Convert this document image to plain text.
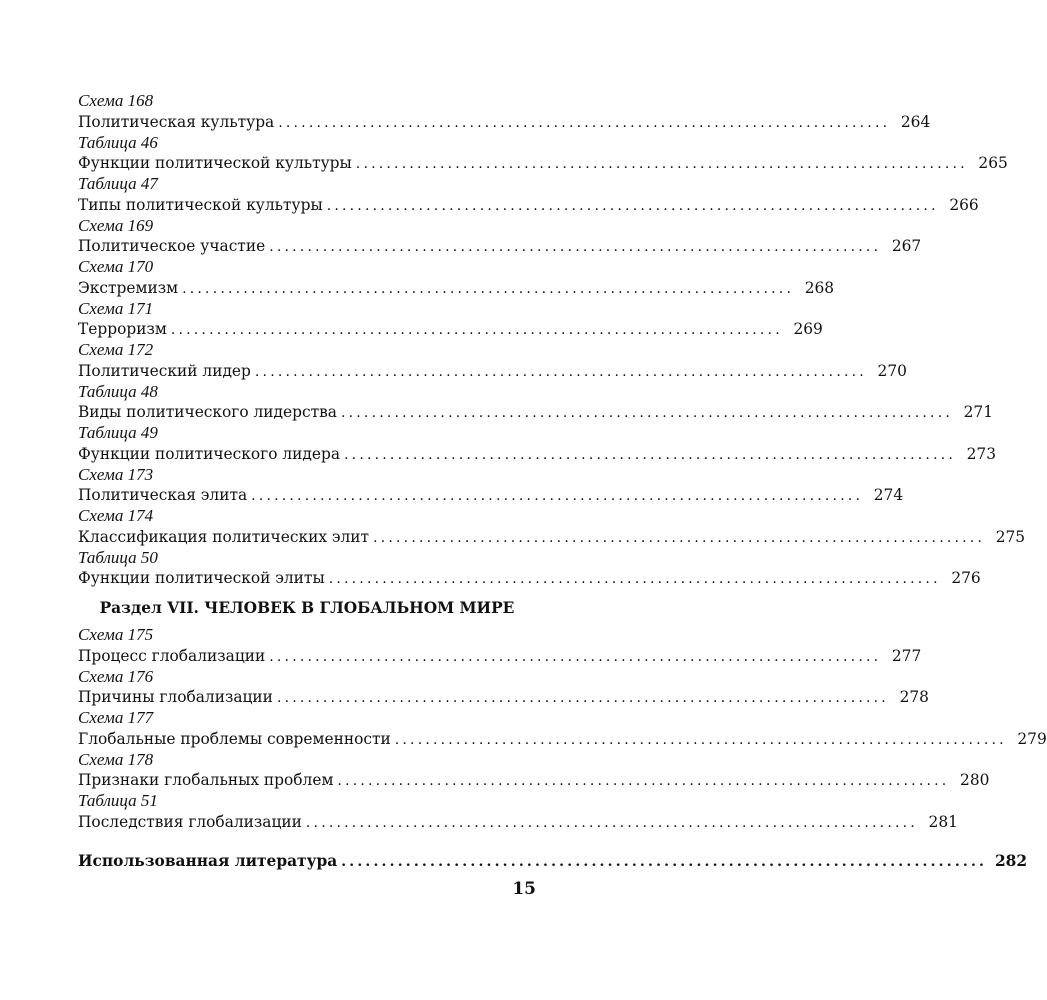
Схема 168
Политическая культура ................................................................................ 264
Таблица 46
Функции политической культуры ................................................................................ 265
Таблица 47
Типы политической культуры ................................................................................ 266
Схема 169
Политическое участие ................................................................................ 267
Схема 170
Экстремизм ................................................................................ 268
Схема 171
Терроризм ................................................................................ 269
Схема 172
Политический лидер ................................................................................ 270
Таблица 48
Виды политического лидерства ................................................................................ 271
Таблица 49
Функции политического лидера ................................................................................ 273
Схема 173
Политическая элита ................................................................................ 274
Схема 174
Классификация политических элит ................................................................................ 275
Таблица 50
Функции политической элиты ................................................................................ 276
Раздел VII. ЧЕЛОВЕК В ГЛОБАЛЬНОМ МИРЕ
Схема 175
Процесс глобализации ................................................................................ 277
Схема 176
Причины глобализации ................................................................................ 278
Схема 177
Глобальные проблемы современности ................................................................................ 279
Схема 178
Признаки глобальных проблем ................................................................................ 280
Таблица 51
Последствия глобализации ................................................................................ 281
Использованная литература ................................................................................ 282
15
